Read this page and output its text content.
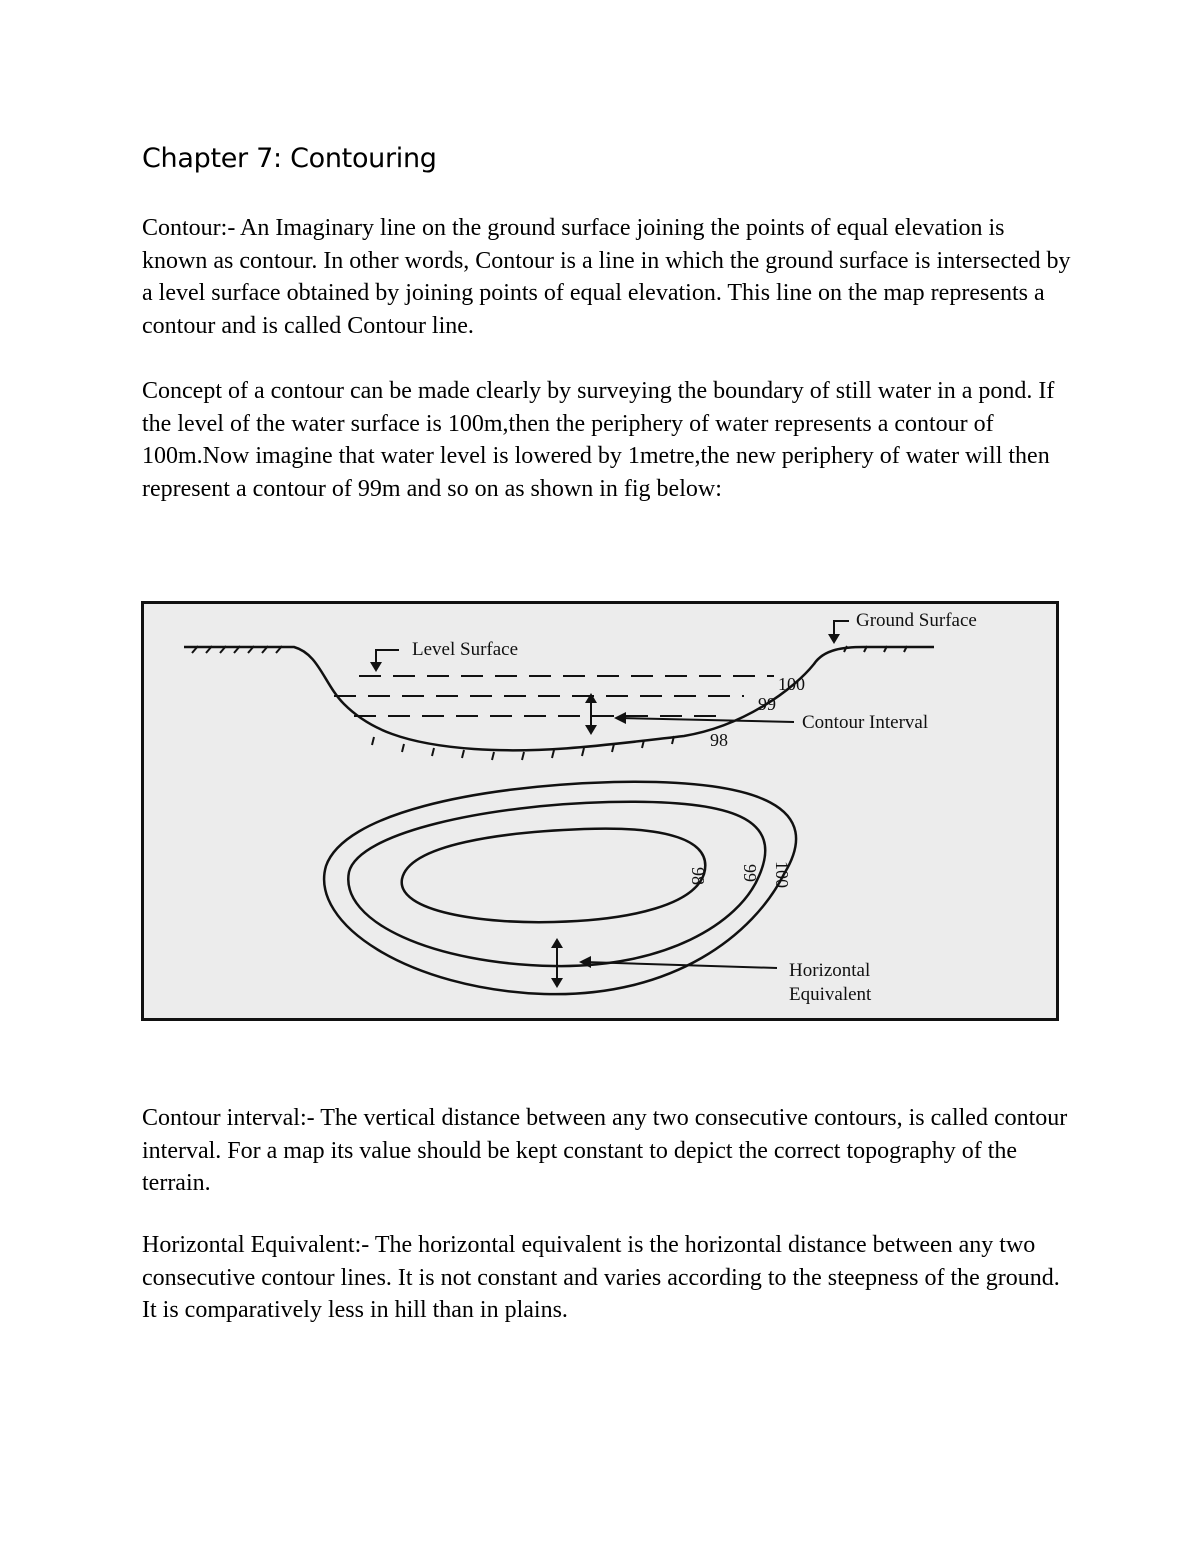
Chapter 7: Contouring

Contour:- An Imaginary line on the ground surface joining the points of equal elevation is known as contour. In other words, Contour is a line in which the ground surface is intersected by a level surface obtained by joining points of equal elevation. This line on the map represents a contour and is called Contour line.

Concept of a contour can be made clearly by surveying the boundary of still water in a pond. If the level of the water surface is 100m,then the periphery of water represents a contour of 100m.Now imagine that water level is lowered by 1metre,the new periphery of water will then represent a contour of 99m and so on as shown in fig below:

Ground Surface
Level Surface
Contour Interval
100
99
98
98 99 100
Horizontal
Equivalent

Contour interval:- The vertical distance between any two consecutive contours, is called contour interval. For a map its value should be kept constant to depict the correct topography of the terrain.

Horizontal Equivalent:- The horizontal equivalent is the horizontal distance between any two consecutive contour lines. It is not constant and varies according to the steepness of the ground. It is comparatively less in hill than in plains.
